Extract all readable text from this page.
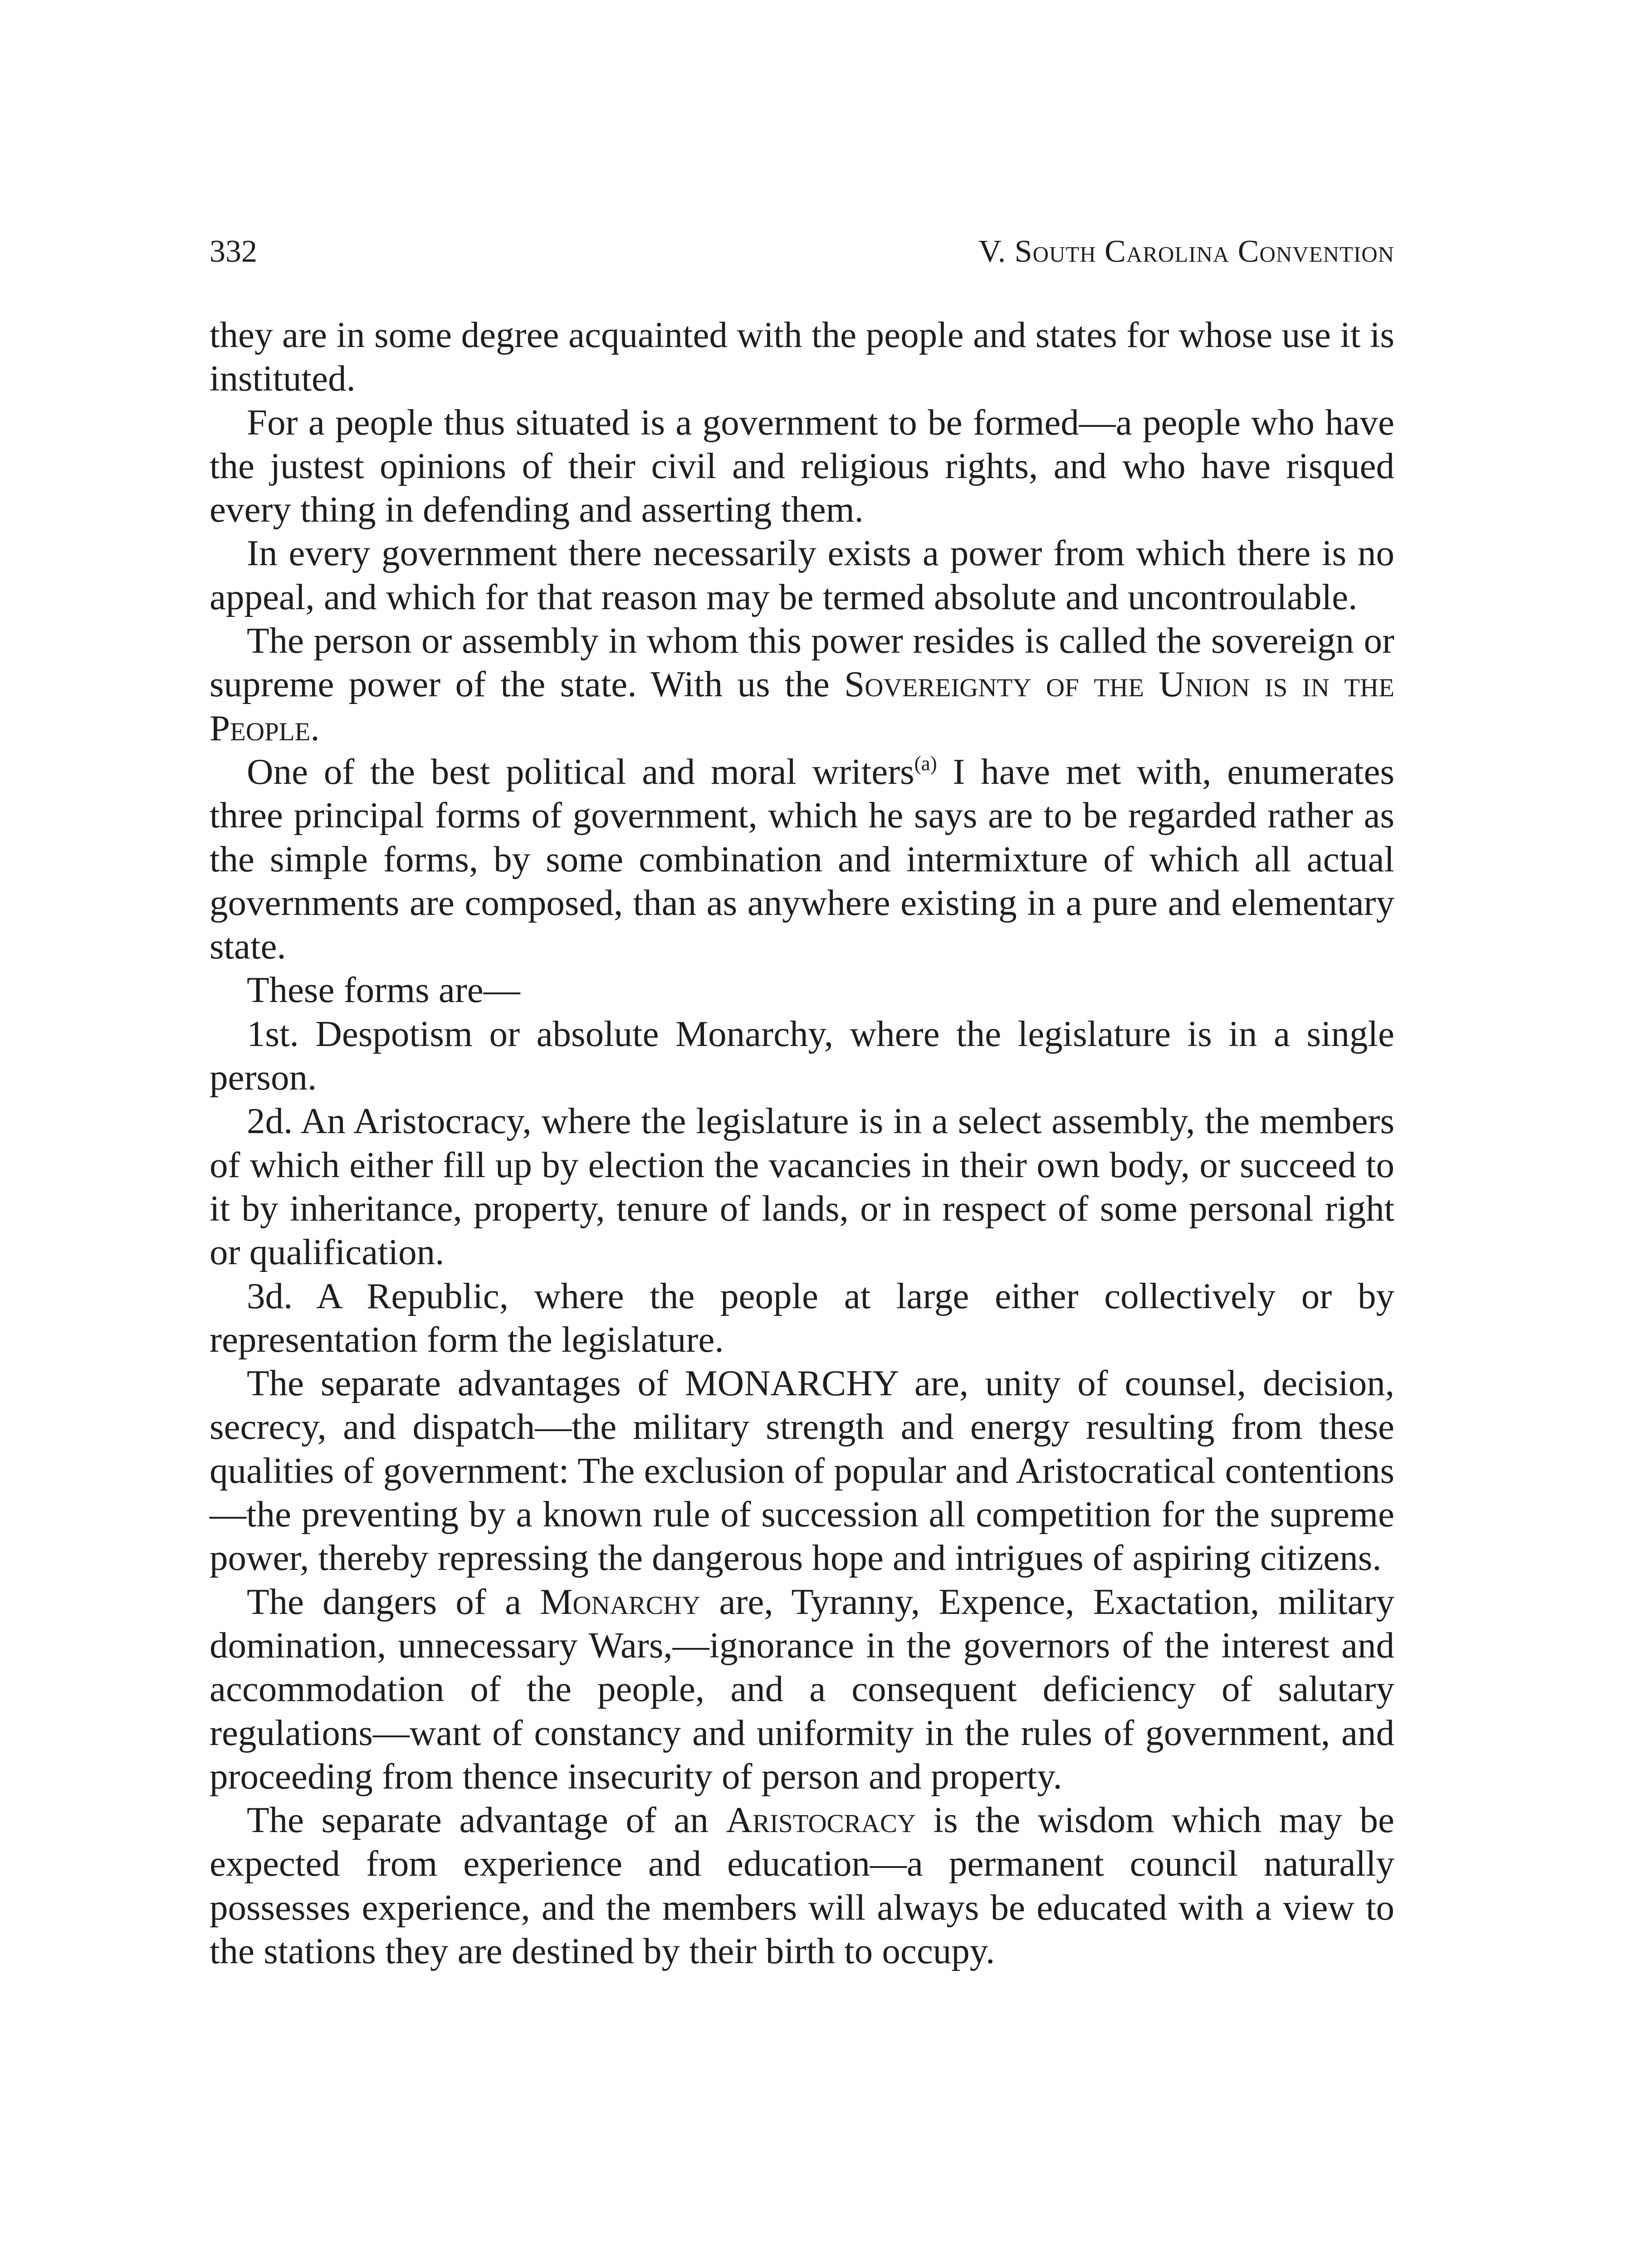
332	V. South Carolina Convention

they are in some degree acquainted with the people and states for whose use it is instituted.

For a people thus situated is a government to be formed—a people who have the justest opinions of their civil and religious rights, and who have risqued every thing in defending and asserting them.

In every government there necessarily exists a power from which there is no appeal, and which for that reason may be termed absolute and uncontroulable.

The person or assembly in whom this power resides is called the sovereign or supreme power of the state. With us the Sovereignty of the Union is in the People.

One of the best political and moral writers$^{(a)}$ I have met with, enumerates three principal forms of government, which he says are to be regarded rather as the simple forms, by some combination and intermixture of which all actual governments are composed, than as anywhere existing in a pure and elementary state.

These forms are—

1st. Despotism or absolute Monarchy, where the legislature is in a single person.

2d. An Aristocracy, where the legislature is in a select assembly, the members of which either fill up by election the vacancies in their own body, or succeed to it by inheritance, property, tenure of lands, or in respect of some personal right or qualification.

3d. A Republic, where the people at large either collectively or by representation form the legislature.

The separate advantages of MONARCHY are, unity of counsel, decision, secrecy, and dispatch—the military strength and energy resulting from these qualities of government: The exclusion of popular and Aristocratical contentions—the preventing by a known rule of succession all competition for the supreme power, thereby repressing the dangerous hope and intrigues of aspiring citizens.

The dangers of a Monarchy are, Tyranny, Expence, Exactation, military domination, unnecessary Wars,—ignorance in the governors of the interest and accommodation of the people, and a consequent deficiency of salutary regulations—want of constancy and uniformity in the rules of government, and proceeding from thence insecurity of person and property.

The separate advantage of an Aristocracy is the wisdom which may be expected from experience and education—a permanent council naturally possesses experience, and the members will always be educated with a view to the stations they are destined by their birth to occupy.
